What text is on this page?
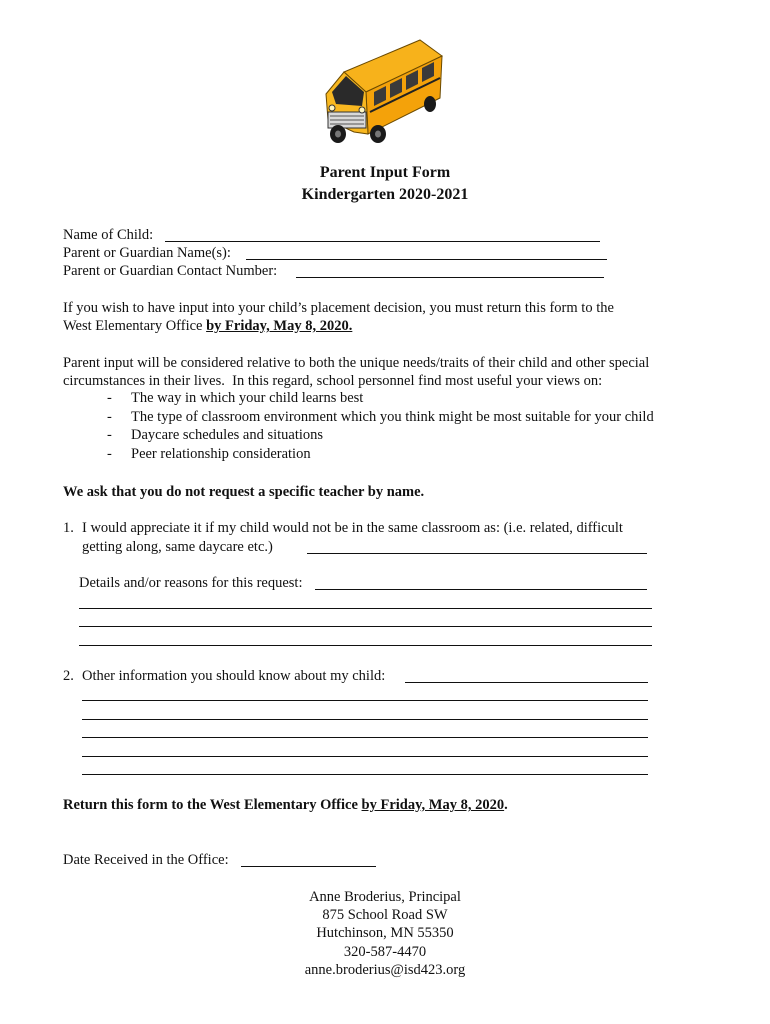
Parent Input Form
Kindergarten 2020-2021
Name of Child:
Parent or Guardian Name(s):
Parent or Guardian Contact Number:
If you wish to have input into your child’s placement decision, you must return this form to the
West Elementary Office by Friday, May 8, 2020.
Parent input will be considered relative to both the unique needs/traits of their child and other special
circumstances in their lives.  In this regard, school personnel find most useful your views on:
- The way in which your child learns best
- The type of classroom environment which you think might be most suitable for your child
- Daycare schedules and situations
- Peer relationship consideration
We ask that you do not request a specific teacher by name.
1. I would appreciate it if my child would not be in the same classroom as: (i.e. related, difficult
getting along, same daycare etc.)
Details and/or reasons for this request:
2. Other information you should know about my child:
Return this form to the West Elementary Office by Friday, May 8, 2020.
Date Received in the Office:
Anne Broderius, Principal
875 School Road SW
Hutchinson, MN 55350
320-587-4470
anne.broderius@isd423.org
